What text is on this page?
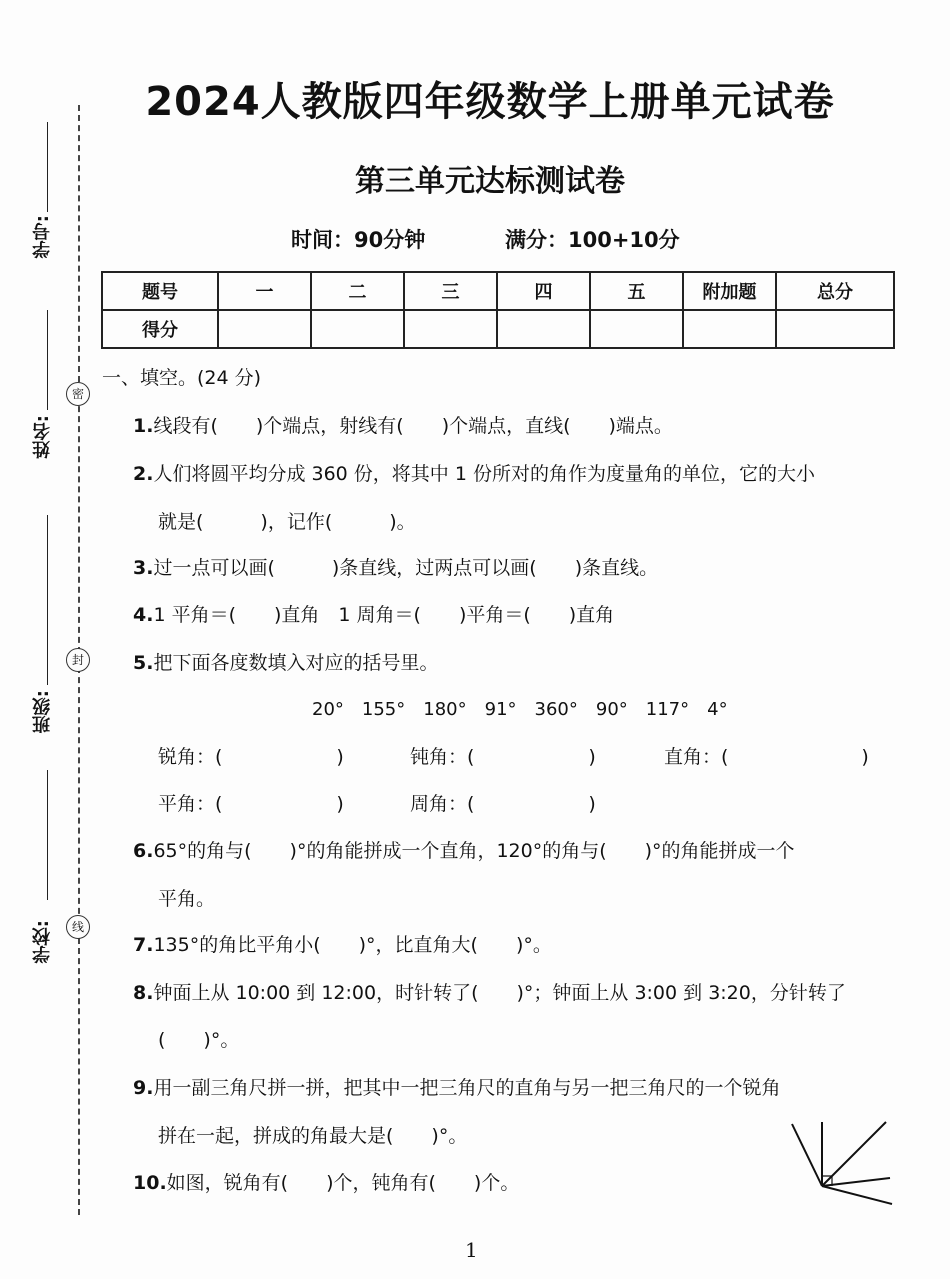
学号:
姓名:
班级:
学校:
密
封
线
2024人教版四年级数学上册单元试卷
第三单元达标测试卷
时间：90分钟	满分：100+10分
题号	一	二	三	四	五	附加题	总分
得分							
一、填空。(24 分)
1.线段有(　　)个端点，射线有(　　)个端点，直线(　　)端点。
2.人们将圆平均分成 360 份，将其中 1 份所对的角作为度量角的单位，它的大小
就是(　　　)，记作(　　　)。
3.过一点可以画(　　　)条直线，过两点可以画(　　)条直线。
4.1 平角＝(　　)直角　1 周角＝(　　)平角＝(　　)直角
5.把下面各度数填入对应的括号里。
20°　155°　180°　91°　360°　90°　117°　4°
锐角：(　　　　　　)	钝角：(　　　　　　)	直角：(　　　　　　　)
平角：(　　　　　　)	周角：(　　　　　　)
6.65°的角与(　　)°的角能拼成一个直角，120°的角与(　　)°的角能拼成一个
平角。
7.135°的角比平角小(　　)°，比直角大(　　)°。
8.钟面上从 10:00 到 12:00，时针转了(　　)°；钟面上从 3:00 到 3:20，分针转了
(　　)°。
9.用一副三角尺拼一拼，把其中一把三角尺的直角与另一把三角尺的一个锐角
拼在一起，拼成的角最大是(　　)°。
10.如图，锐角有(　　)个，钝角有(　　)个。
1
